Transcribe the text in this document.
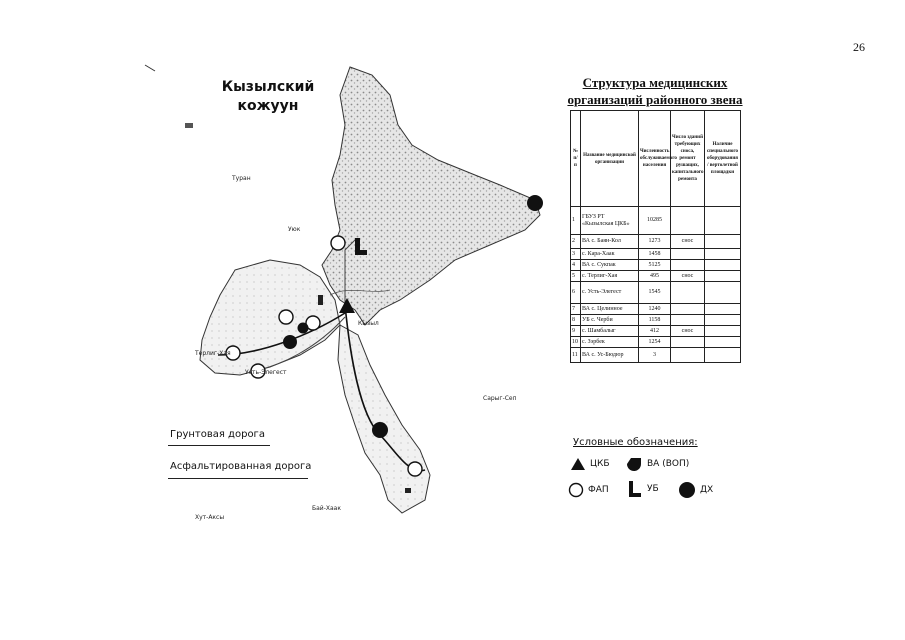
26
Кызылский
кожуун
Туран
Уюк
Кызыл
Сарыг-Сеп
Бай-Хаак
Хут-Аксы
Терлиг-Хая
Усть-Элегест
Грунтовая дорога
Асфальтированная дорога
Структура медицинских
организаций районного звена
№ п/п	Название медицинской организации	Численность обслуживаемого населения	Число зданий требующих сноса, ремонт рушащих, капитального ремонта	Наличие специального оборудования / вертолетной площадки
1	ГБУЗ РТ «Кызылская ЦКБ»	10285		
2	ВА с. Баян-Кол	1273	снос	
3	с. Кара-Хаак	1458		
4	ВА с. Сукпак	5125		
5	с. Терлиг-Хая	495	снос	
6	с. Усть-Элегест	1545		
7	ВА с. Целинное	1240		
8	УБ с. Черби	1158		
9	с. Шамбалыг	412	снос	
10	с. Зэрбек	1254		
11	ВА с. Ус-Бюдюр	3		
Условные обозначения:
ЦКБ	ВА (ВОП)
ФАП	УБ	ДХ
